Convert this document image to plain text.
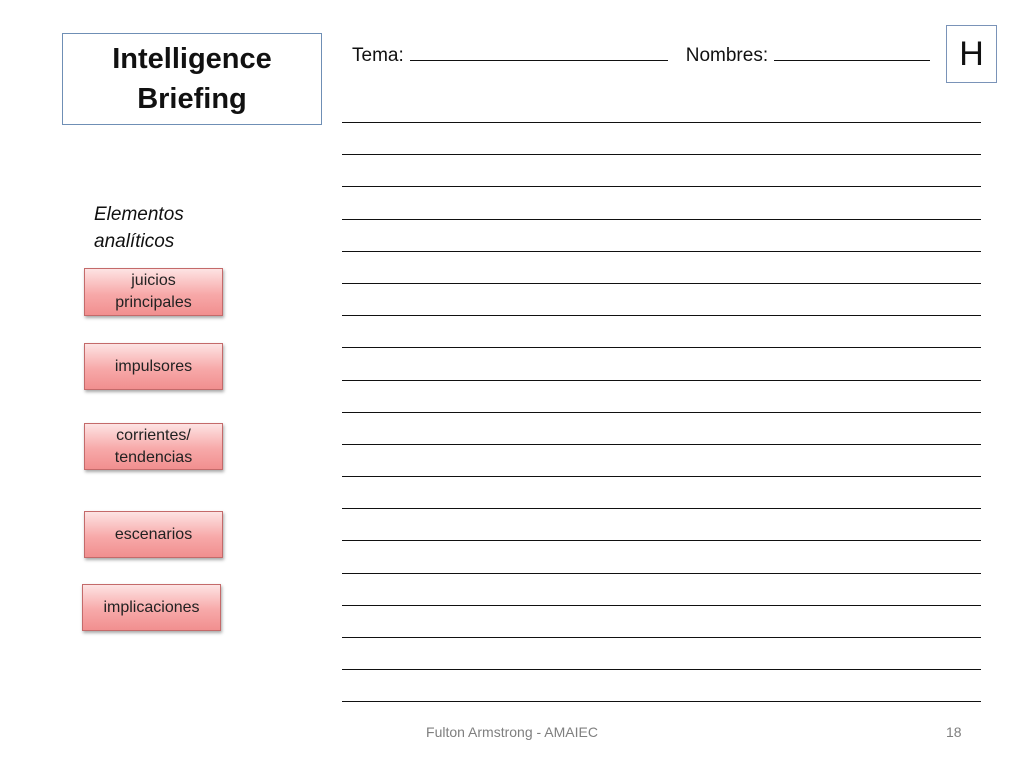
Intelligence
Briefing
H
Tema:	Nombres:
Elementos
analíticos
juicios
principales
impulsores
corrientes/
tendencias
escenarios
implicaciones
Fulton Armstrong - AMAIEC	18
